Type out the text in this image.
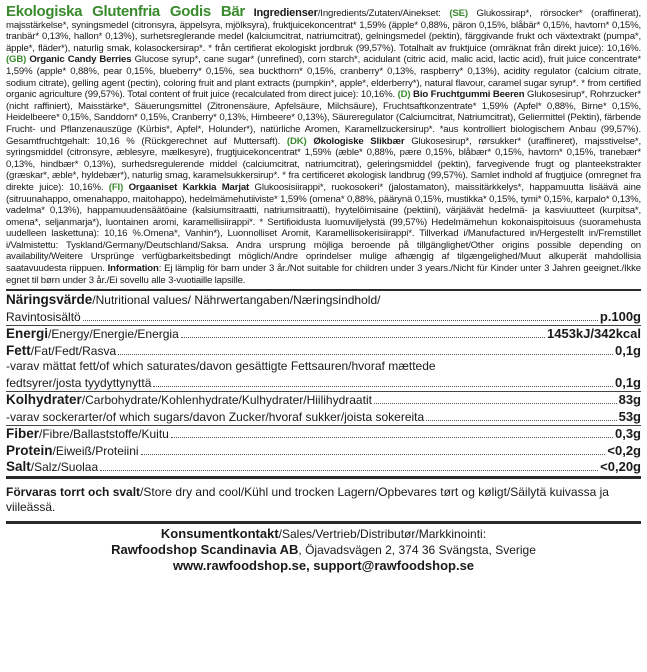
Ekologiska Glutenfria Godis Bär Ingredienser/Ingredients/Zutaten/Ainekset: (SE) Glukossirap*, rörsocker* (oraffinerat), majsstärkelse*, syningsmedel (citronsyra, äppelsyra, mjölksyra), fruktjuicekoncentrat* 1,59% (äpple* 0,88%, päron 0,15%, blåbär* 0,15%, havtorn* 0,15%, tranbär* 0,13%, hallon* 0,13%), surhetsreglerande medel (kalciumcitrat, natriumcitrat), gelningsmedel (pektin), färggivande frukt och växtextrakt (pumpa*, äpple*, fläder*), naturlig smak, kolasockersirap*. * från certifierat ekologiskt jordbruk (99,57%). Totalhalt av fruktjuice (omräknat från direkt juice): 10,16%. (GB) Organic Candy Berries Glucose syrup*, cane sugar* (unrefined), corn starch*, acidulant (citric acid, malic acid, lactic acid), fruit juice concentrate* 1,59% (apple* 0,88%, pear 0,15%, blueberry* 0,15%, sea buckthorn* 0,15%, cranberry* 0,13%, raspberry* 0,13%), acidity regulator (calcium citrate, sodium citrate), gelling agent (pectin), coloring fruit and plant extracts (pumpkin*, apple*, elderberry*), natural flavour, caramel sugar syrup*. * from certified organic agriculture (99,57%). Total content of fruit juice (recalculated from direct juice): 10,16%. (D) Bio Fruchtgummi Beeren Glukosesirup*, Rohrzucker* (nicht raffiniert), Maisstärke*, Säuerungsmittel (Zitronensäure, Apfelsäure, Milchsäure), Fruchtsaftkonzentrate* 1,59% (Apfel* 0,88%, Birne* 0,15%, Heidelbeere* 0,15%, Sanddorn* 0,15%, Cranberry* 0,13%, Himbeere* 0,13%), Säureregulator (Calciumcitrat, Natriumcitrat), Geliermittel (Pektin), färbende Frucht- und Pflanzenauszüge (Kürbis*, Apfel*, Holunder*), natürliche Aromen, Karamellzuckersirup*. *aus kontrolliert biologischem Anbau (99,57%). Gesamtfruchtgehalt: 10,16 % (Rückgerechnet auf Muttersaft). (DK) Økologiske Slikbær Glukosesirup*, rørsukker* (uraffineret), majsstivelse*, syringsmiddel (citronsyre, æblesyre, mælkesyre), frugtjuicekoncentrat* 1,59% (æble* 0,88%, pære 0,15%, blåbær* 0,15%, havtorn* 0,15%, tranebær* 0,13%, hindbær* 0,13%), surhedsregulerende middel (calciumcitrat, natriumcitrat), geleringsmiddel (pektin), farvegivende frugt og planteekstrakter (græskar*, æble*, hyldebær*), naturlig smag, karamelsukkersirup*. * fra certificeret økologisk landbrug (99,57%). Samlet indhold af frugtjuice (omregnet fra direkte juice): 10,16%. (FI) Orgaaniset Karkkia Marjat Glukoosisiirappi*, ruokosokeri* (jalostamaton), maissitärkkelys*, happamuutta lisäävä aine (sitruunahappo, omenahappo, maitohappo), hedelmämehutiiviste* 1,59% (omena* 0,88%, päärynä 0,15%, mustikka* 0,15%, tymi* 0,15%, karpalo* 0,13%, vadelma* 0,13%), happamuudensäätöaine (kalsiumsitraatti, natriumsitraatti), hyytelöimisaine (pektiini), värjäävät hedelmä- ja kasviuutteet (kurpitsa*, omena*, seljanmarja*), luontainen aromi, karamellisiirappi*. * Sertifioidusta luomuviljelystä (99,57%) Hedelmämehun kokonaispitoisuus (suoramehusta uudelleen laskettuna): 10,16 %.Omena*, Vanhin*), Luonnolliset Aromit, Karamellisokerisiirappi*. Tillverkad i/Manufactured in/Hergestellt in/Fremstillet i/Valmistettu: Tyskland/Germany/Deutschland/Saksa. Andra ursprung möjliga beroende på tillgänglighet/Other origins possible depending on availability/Weitere Ursprünge verfügbarkeitsbedingt möglich/Andre oprindelser mulige afhængig af tilgængelighed/Muut alkuperät mahdollisia saatavuudesta riippuen. Information: Ej lämplig för barn under 3 år./Not suitable for children under 3 years./Nicht für Kinder unter 3 Jahren geeignet./Ikke egnet til børn under 3 år./Ei sovellu alle 3-vuotiaille lapsille.
Näringsvärde /Nutritional values/ Nährwertangaben/Næringsindhold/
Ravintosisältö	p.100g
Energi /Energy/Energie/Energia	1453kJ/342kcal
Fett /Fat/Fedt/Rasva	0,1g
-varav mättat fett/of which saturates/davon gesättigte Fettsauren/hvoraf mættede
fedtsyrer/josta tyydyttynyttä	0,1g
Kolhydrater /Carbohydrate/Kohlenhydrate/Kulhydrater/Hiilihydraatit	83g
-varav sockerarter/of which sugars/davon Zucker/hvoraf sukker/joista sokereita	53g
Fiber /Fibre/Ballaststoffe/Kuitu	0,3g
Protein /Eiweiß/Proteiini	<0,2g
Salt /Salz/Suolaa	<0,20g
Förvaras torrt och svalt/Store dry and cool/Kühl und trocken Lagern/Opbevares tørt og køligt/Säilytä kuivassa ja viileässä.
Konsumentkontakt/Sales/Vertrieb/Distributør/Markkinointi:
Rawfoodshop Scandinavia AB, Öjavadsvägen 2, 374 36 Svängsta, Sverige
www.rawfoodshop.se, support@rawfoodshop.se
